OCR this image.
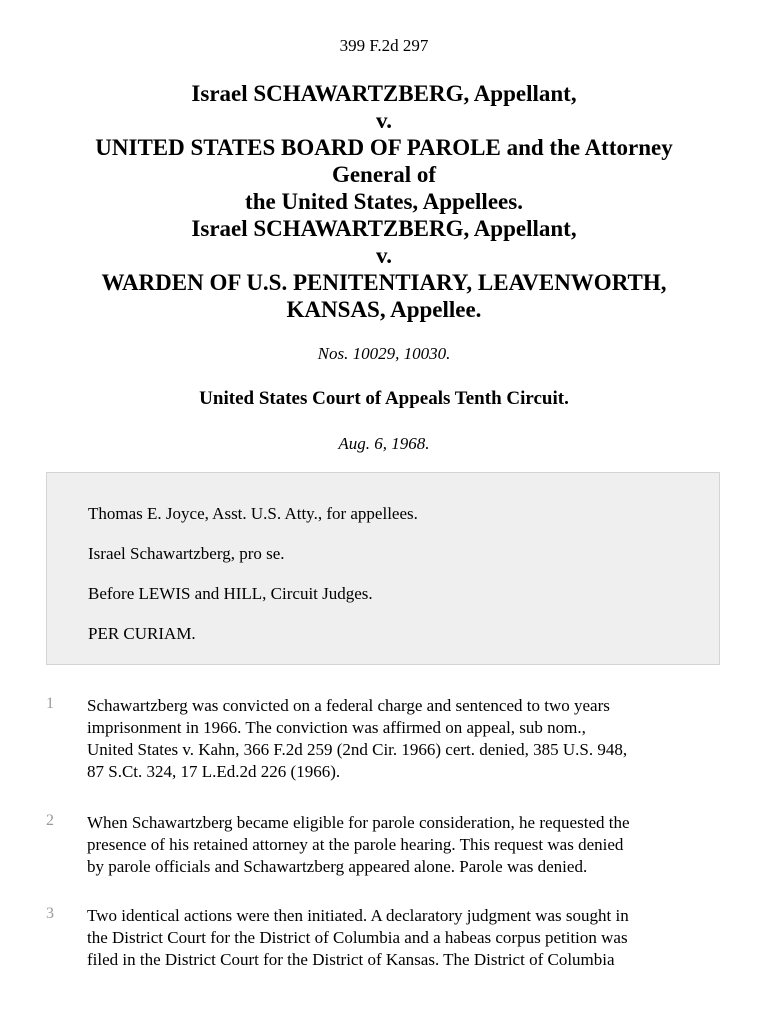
399 F.2d 297
Israel SCHAWARTZBERG, Appellant,
v.
UNITED STATES BOARD OF PAROLE and the Attorney
General of
the United States, Appellees.
Israel SCHAWARTZBERG, Appellant,
v.
WARDEN OF U.S. PENITENTIARY, LEAVENWORTH,
KANSAS, Appellee.
Nos. 10029, 10030.
United States Court of Appeals Tenth Circuit.
Aug. 6, 1968.
Thomas E. Joyce, Asst. U.S. Atty., for appellees.
Israel Schawartzberg, pro se.
Before LEWIS and HILL, Circuit Judges.
PER CURIAM.
1 Schawartzberg was convicted on a federal charge and sentenced to two years
imprisonment in 1966. The conviction was affirmed on appeal, sub nom.,
United States v. Kahn, 366 F.2d 259 (2nd Cir. 1966) cert. denied, 385 U.S. 948,
87 S.Ct. 324, 17 L.Ed.2d 226 (1966).
2 When Schawartzberg became eligible for parole consideration, he requested the
presence of his retained attorney at the parole hearing. This request was denied
by parole officials and Schawartzberg appeared alone. Parole was denied.
3 Two identical actions were then initiated. A declaratory judgment was sought in
the District Court for the District of Columbia and a habeas corpus petition was
filed in the District Court for the District of Kansas. The District of Columbia
